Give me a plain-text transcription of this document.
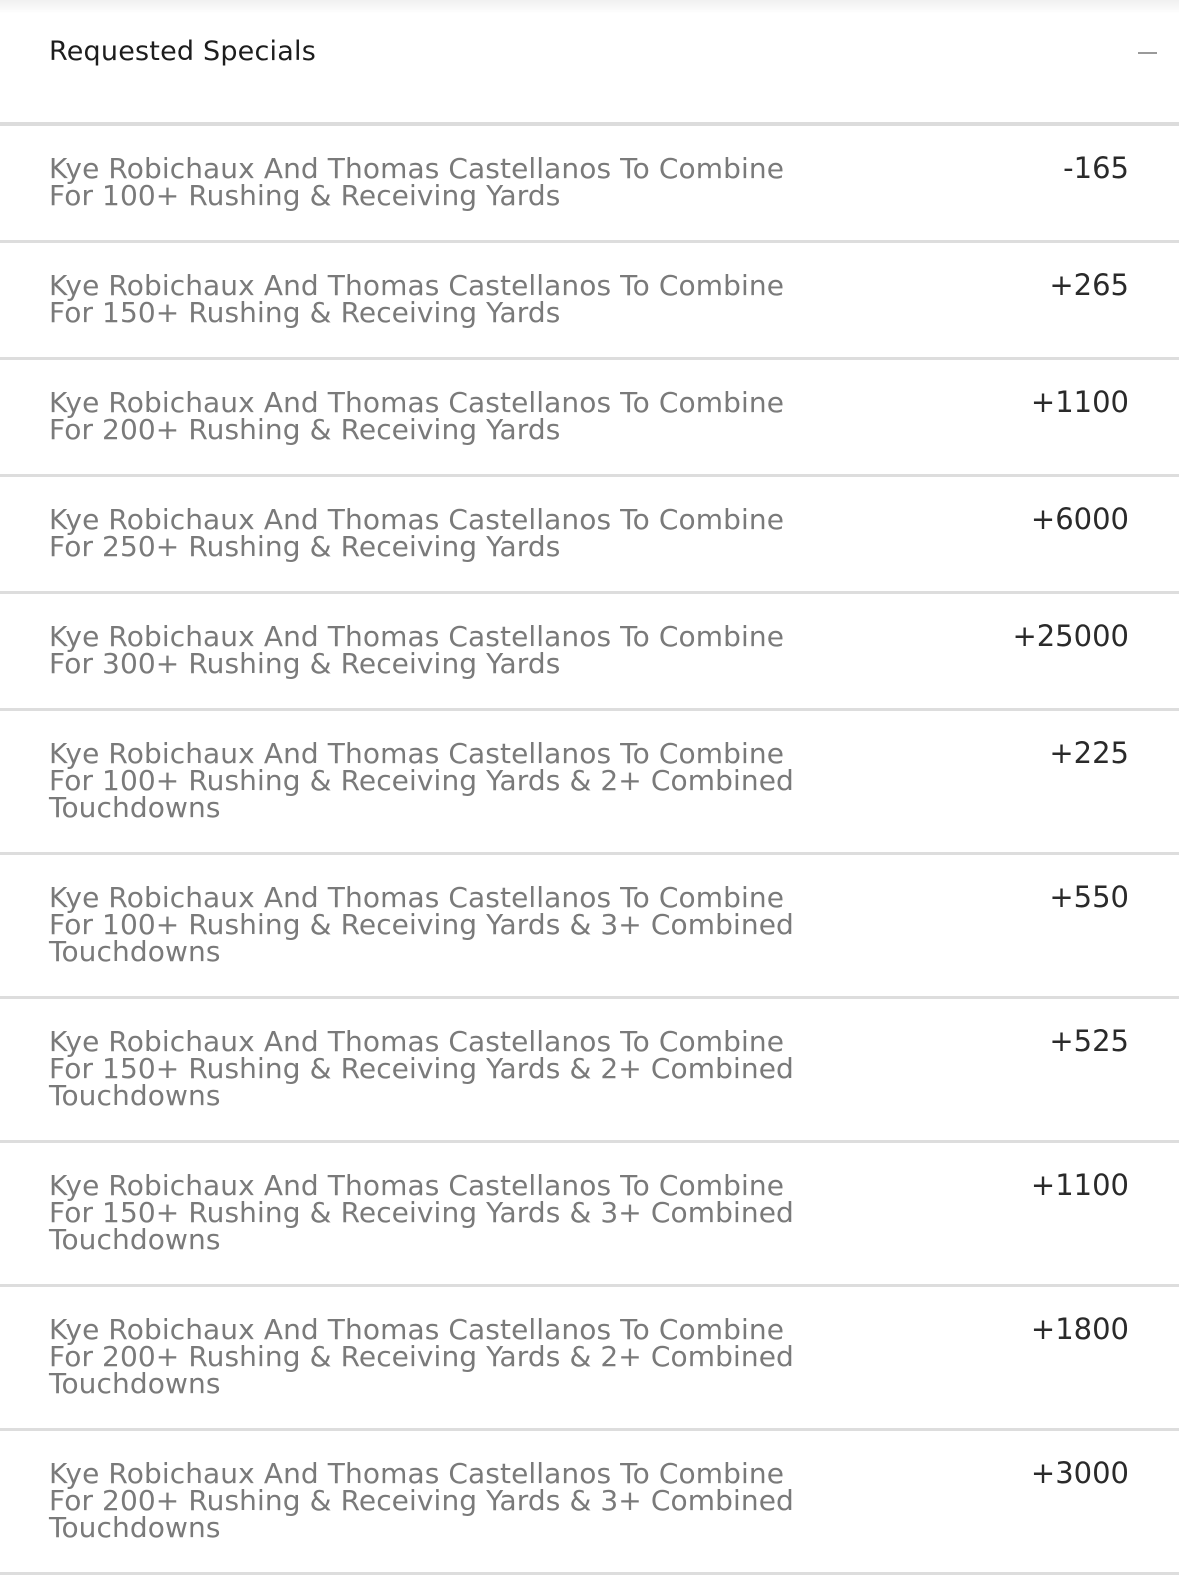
Requested Specials
Kye Robichaux And Thomas Castellanos To Combine For 100+ Rushing & Receiving Yards
-165
Kye Robichaux And Thomas Castellanos To Combine For 150+ Rushing & Receiving Yards
+265
Kye Robichaux And Thomas Castellanos To Combine For 200+ Rushing & Receiving Yards
+1100
Kye Robichaux And Thomas Castellanos To Combine For 250+ Rushing & Receiving Yards
+6000
Kye Robichaux And Thomas Castellanos To Combine For 300+ Rushing & Receiving Yards
+25000
Kye Robichaux And Thomas Castellanos To Combine For 100+ Rushing & Receiving Yards & 2+ Combined Touchdowns
+225
Kye Robichaux And Thomas Castellanos To Combine For 100+ Rushing & Receiving Yards & 3+ Combined Touchdowns
+550
Kye Robichaux And Thomas Castellanos To Combine For 150+ Rushing & Receiving Yards & 2+ Combined Touchdowns
+525
Kye Robichaux And Thomas Castellanos To Combine For 150+ Rushing & Receiving Yards & 3+ Combined Touchdowns
+1100
Kye Robichaux And Thomas Castellanos To Combine For 200+ Rushing & Receiving Yards & 2+ Combined Touchdowns
+1800
Kye Robichaux And Thomas Castellanos To Combine For 200+ Rushing & Receiving Yards & 3+ Combined Touchdowns
+3000
